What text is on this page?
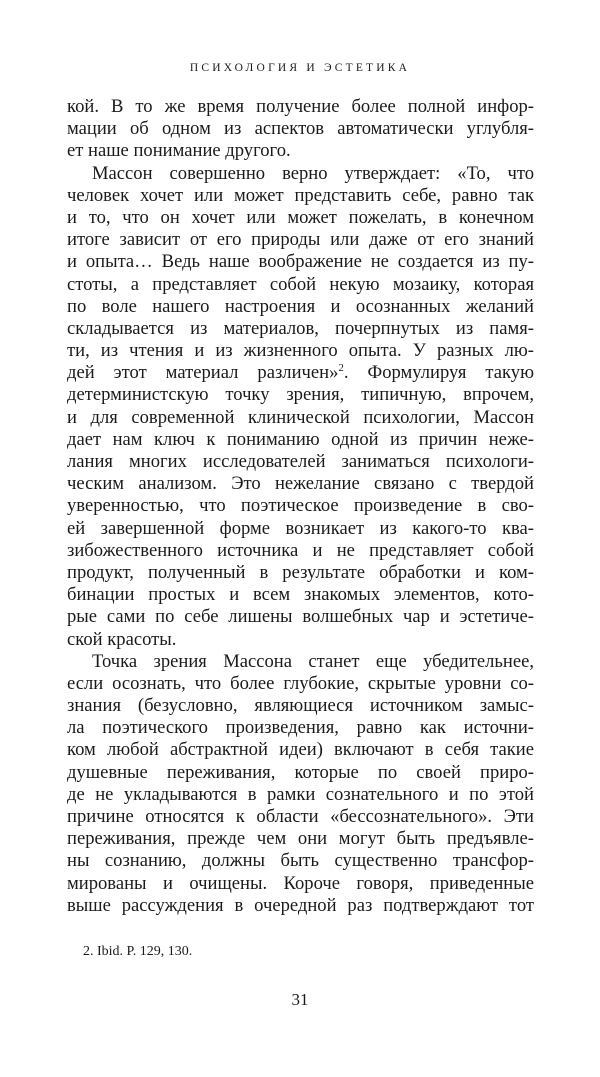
ПСИХОЛОГИЯ И ЭСТЕТИКА
кой. В то же время получение более полной инфор-
мации об одном из аспектов автоматически углубля-
ет наше понимание другого.
Массон совершенно верно утверждает: «То, что
человек хочет или может представить себе, равно так
и то, что он хочет или может пожелать, в конечном
итоге зависит от его природы или даже от его знаний
и опыта… Ведь наше воображение не создается из пу-
стоты, а представляет собой некую мозаику, которая
по воле нашего настроения и осознанных желаний
складывается из материалов, почерпнутых из памя-
ти, из чтения и из жизненного опыта. У разных лю-
дей этот материал различен»$^2$. Формулируя такую
детерминистскую точку зрения, типичную, впрочем,
и для современной клинической психологии, Массон
дает нам ключ к пониманию одной из причин неже-
лания многих исследователей заниматься психологи-
ческим анализом. Это нежелание связано с твердой
уверенностью, что поэтическое произведение в сво-
ей завершенной форме возникает из какого-то ква-
зибожественного источника и не представляет собой
продукт, полученный в результате обработки и ком-
бинации простых и всем знакомых элементов, кото-
рые сами по себе лишены волшебных чар и эстетиче-
ской красоты.
Точка зрения Массона станет еще убедительнее,
если осознать, что более глубокие, скрытые уровни со-
знания (безусловно, являющиеся источником замыс-
ла поэтического произведения, равно как источни-
ком любой абстрактной идеи) включают в себя такие
душевные переживания, которые по своей приро-
де не укладываются в рамки сознательного и по этой
причине относятся к области «бессознательного». Эти
переживания, прежде чем они могут быть предъявле-
ны сознанию, должны быть существенно трансфор-
мированы и очищены. Короче говоря, приведенные
выше рассуждения в очередной раз подтверждают тот
2. Ibid. P. 129, 130.
31
